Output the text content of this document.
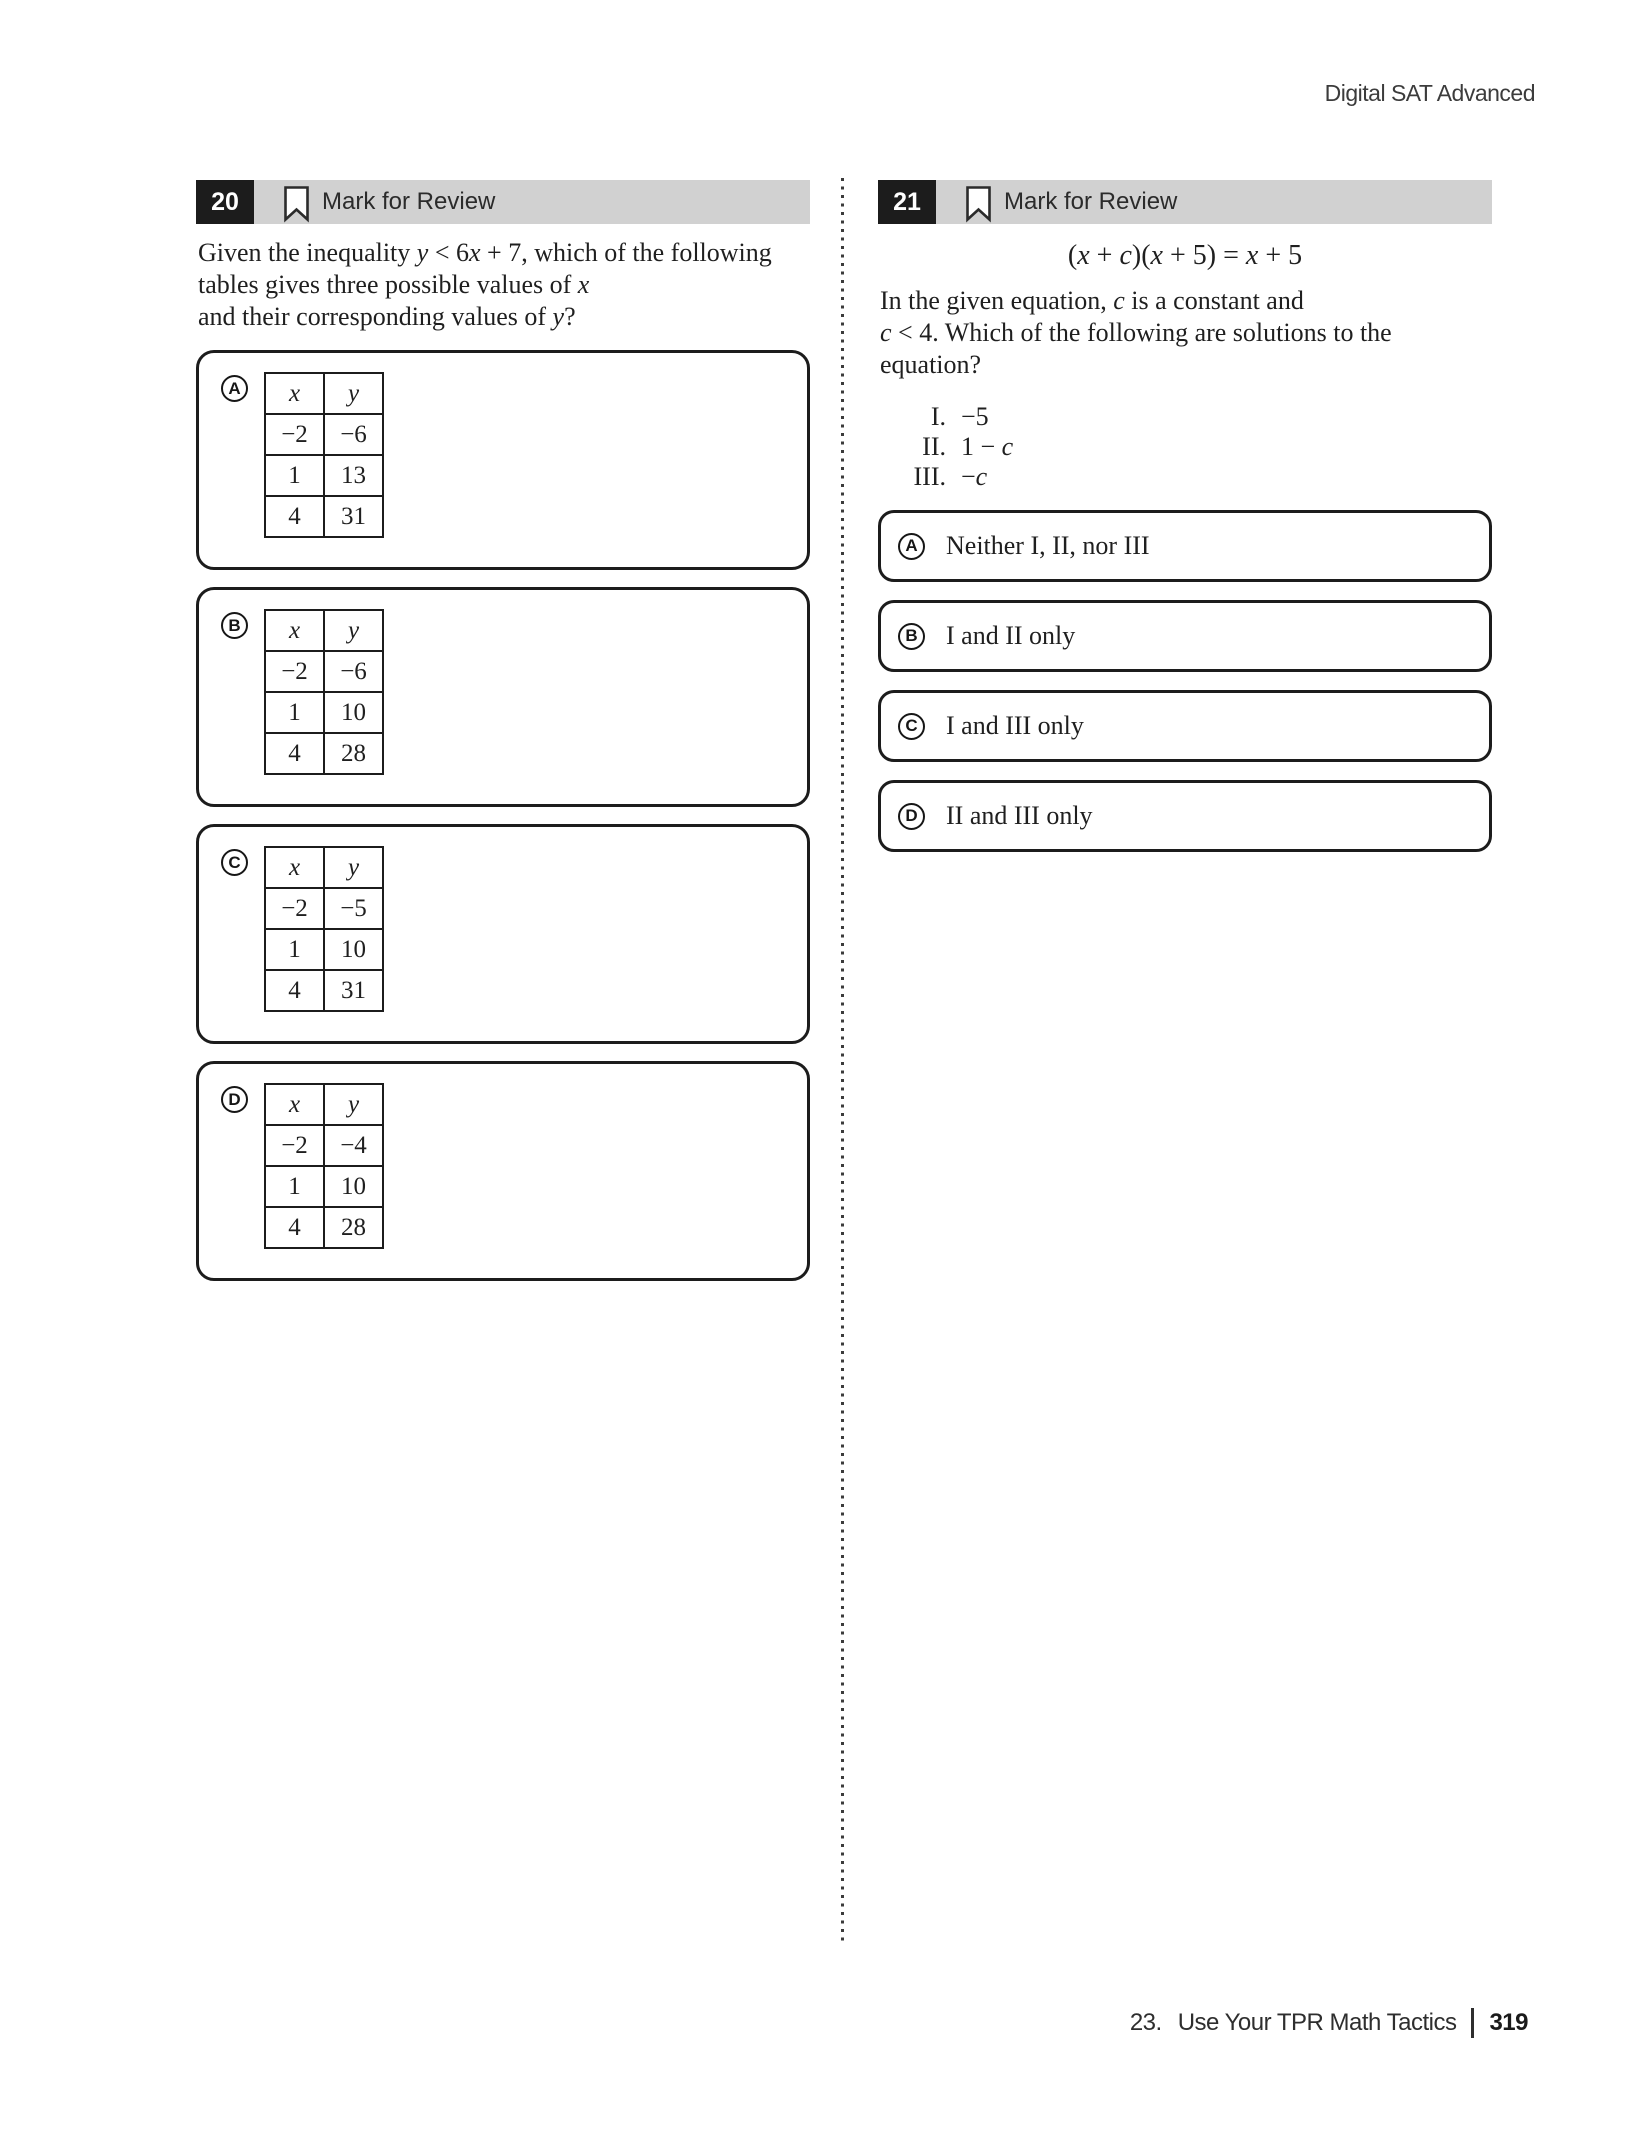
Digital SAT Advanced
20	Mark for Review

Given the inequality y < 6x + 7, which of the following tables gives three possible values of x
and their corresponding values of y?

A x	y
−2	−6
1	13
4	31
B x	y
−2	−6
1	10
4	28
C x	y
−2	−5
1	10
4	31
D x	y
−2	−4
1	10
4	28
21	Mark for Review
(x + c)(x + 5) = x + 5

In the given equation, c is a constant and
c < 4. Which of the following are solutions to the equation?

I. −5
II. 1 − c
III. −c
A Neither I, II, nor III
B I and II only
C I and III only
D II and III only
23. Use Your TPR Math Tactics 319
